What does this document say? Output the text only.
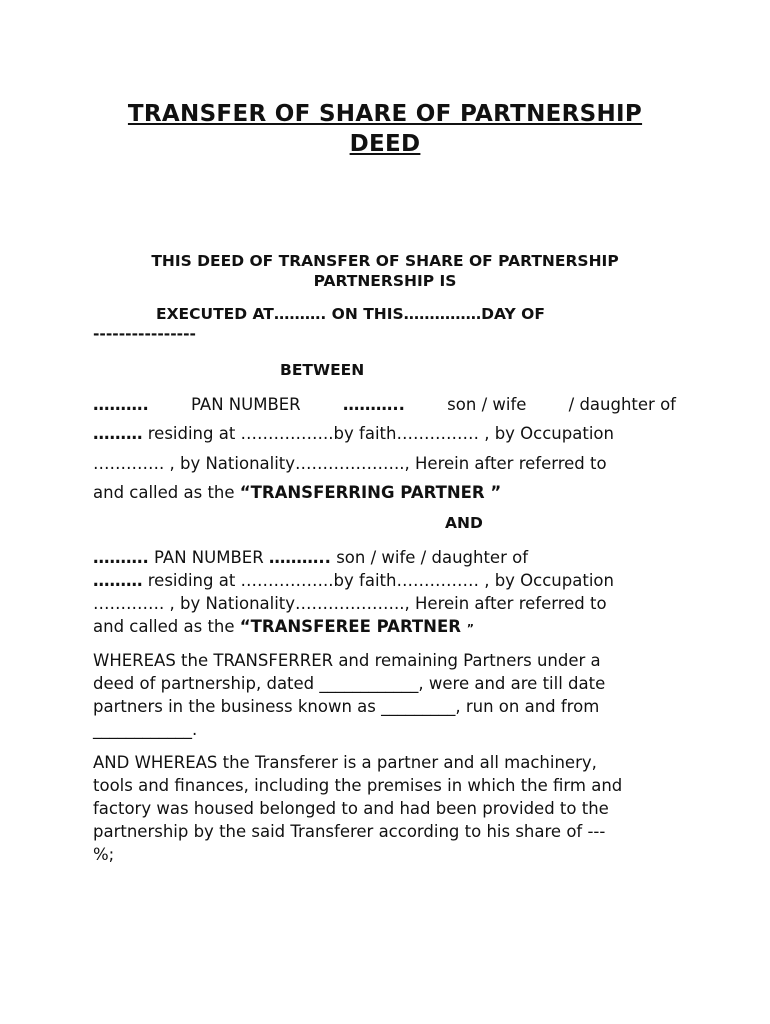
TRANSFER OF SHARE OF PARTNERSHIP
DEED
THIS DEED OF TRANSFER OF SHARE OF PARTNERSHIP
PARTNERSHIP IS
EXECUTED AT………. ON THIS……………DAY OF
----------------
BETWEEN
……….	PAN NUMBER	………..	son / wife	/ daughter of
……… residing at ……………..by faith…………… , by Occupation
…………. , by Nationality……………….., Herein after referred to
and called as the “TRANSFERRING PARTNER ”
AND
………. PAN NUMBER ……….. son / wife / daughter of
……… residing at ……………..by faith…………… , by Occupation
…………. , by Nationality……………….., Herein after referred to
and called as the “TRANSFEREE PARTNER ”
WHEREAS the TRANSFERRER and remaining Partners under a
deed of partnership, dated ____________, were and are till date
partners in the business known as _________, run on and from
____________.
AND WHEREAS the Transferer is a partner and all machinery,
tools and finances, including the premises in which the firm and
factory was housed belonged to and had been provided to the
partnership by the said Transferer according to his share of ---
%;
